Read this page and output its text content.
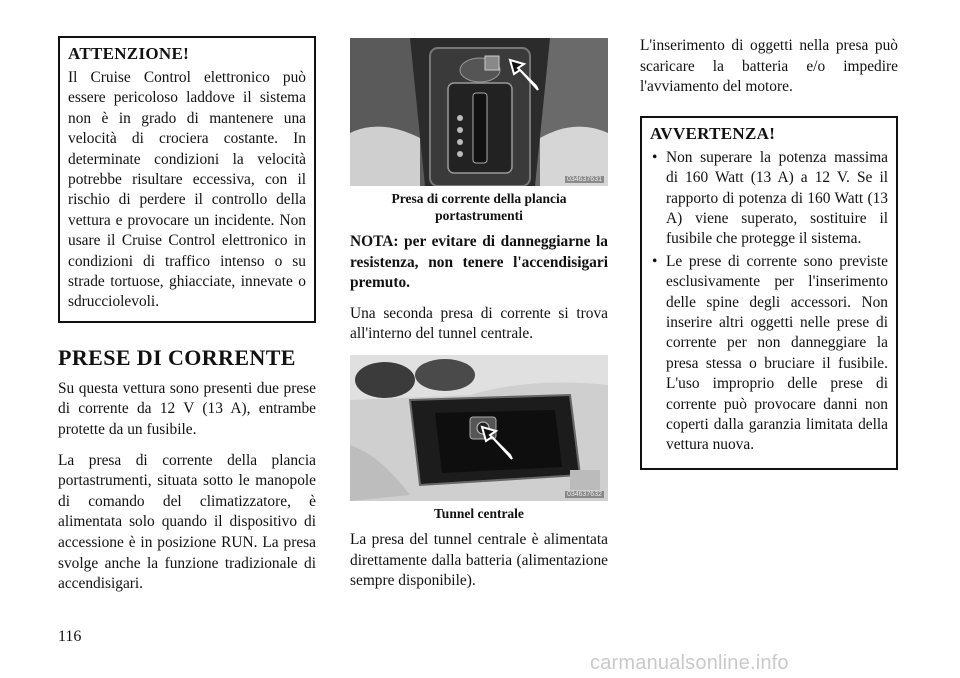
ATTENZIONE!

Il Cruise Control elettronico può essere pericoloso laddove il sistema non è in grado di mantenere una velocità di crociera costante. In determinate condizioni la velocità potrebbe risultare eccessiva, con il rischio di perdere il controllo della vettura e provocare un incidente. Non usare il Cruise Control elettronico in condizioni di traffico intenso o su strade tortuose, ghiacciate, innevate o sdrucciolevoli.

PRESE DI CORRENTE

Su questa vettura sono presenti due prese di corrente da 12 V (13 A), entrambe protette da un fusibile.

La presa di corrente della plancia portastrumenti, situata sotto le manopole di comando del climatizzatore, è alimentata solo quando il dispositivo di accessione è in posizione RUN. La presa svolge anche la funzione tradizionale di accendisigari.

034637631
Presa di corrente della plancia portastrumenti

NOTA: per evitare di danneggiarne la resistenza, non tenere l'accendisigari premuto.

Una seconda presa di corrente si trova all'interno del tunnel centrale.

034637632
Tunnel centrale

La presa del tunnel centrale è alimentata direttamente dalla batteria (alimentazione sempre disponibile).

L'inserimento di oggetti nella presa può scaricare la batteria e/o impedire l'avviamento del motore.

AVVERTENZA!
• Non superare la potenza massima di 160 Watt (13 A) a 12 V. Se il rapporto di potenza di 160 Watt (13 A) viene superato, sostituire il fusibile che protegge il sistema.
• Le prese di corrente sono previste esclusivamente per l'inserimento delle spine degli accessori. Non inserire altri oggetti nelle prese di corrente per non danneggiare la presa stessa o bruciare il fusibile. L'uso improprio delle prese di corrente può provocare danni non coperti dalla garanzia limitata della vettura nuova.
116
carmanualsonline.info
